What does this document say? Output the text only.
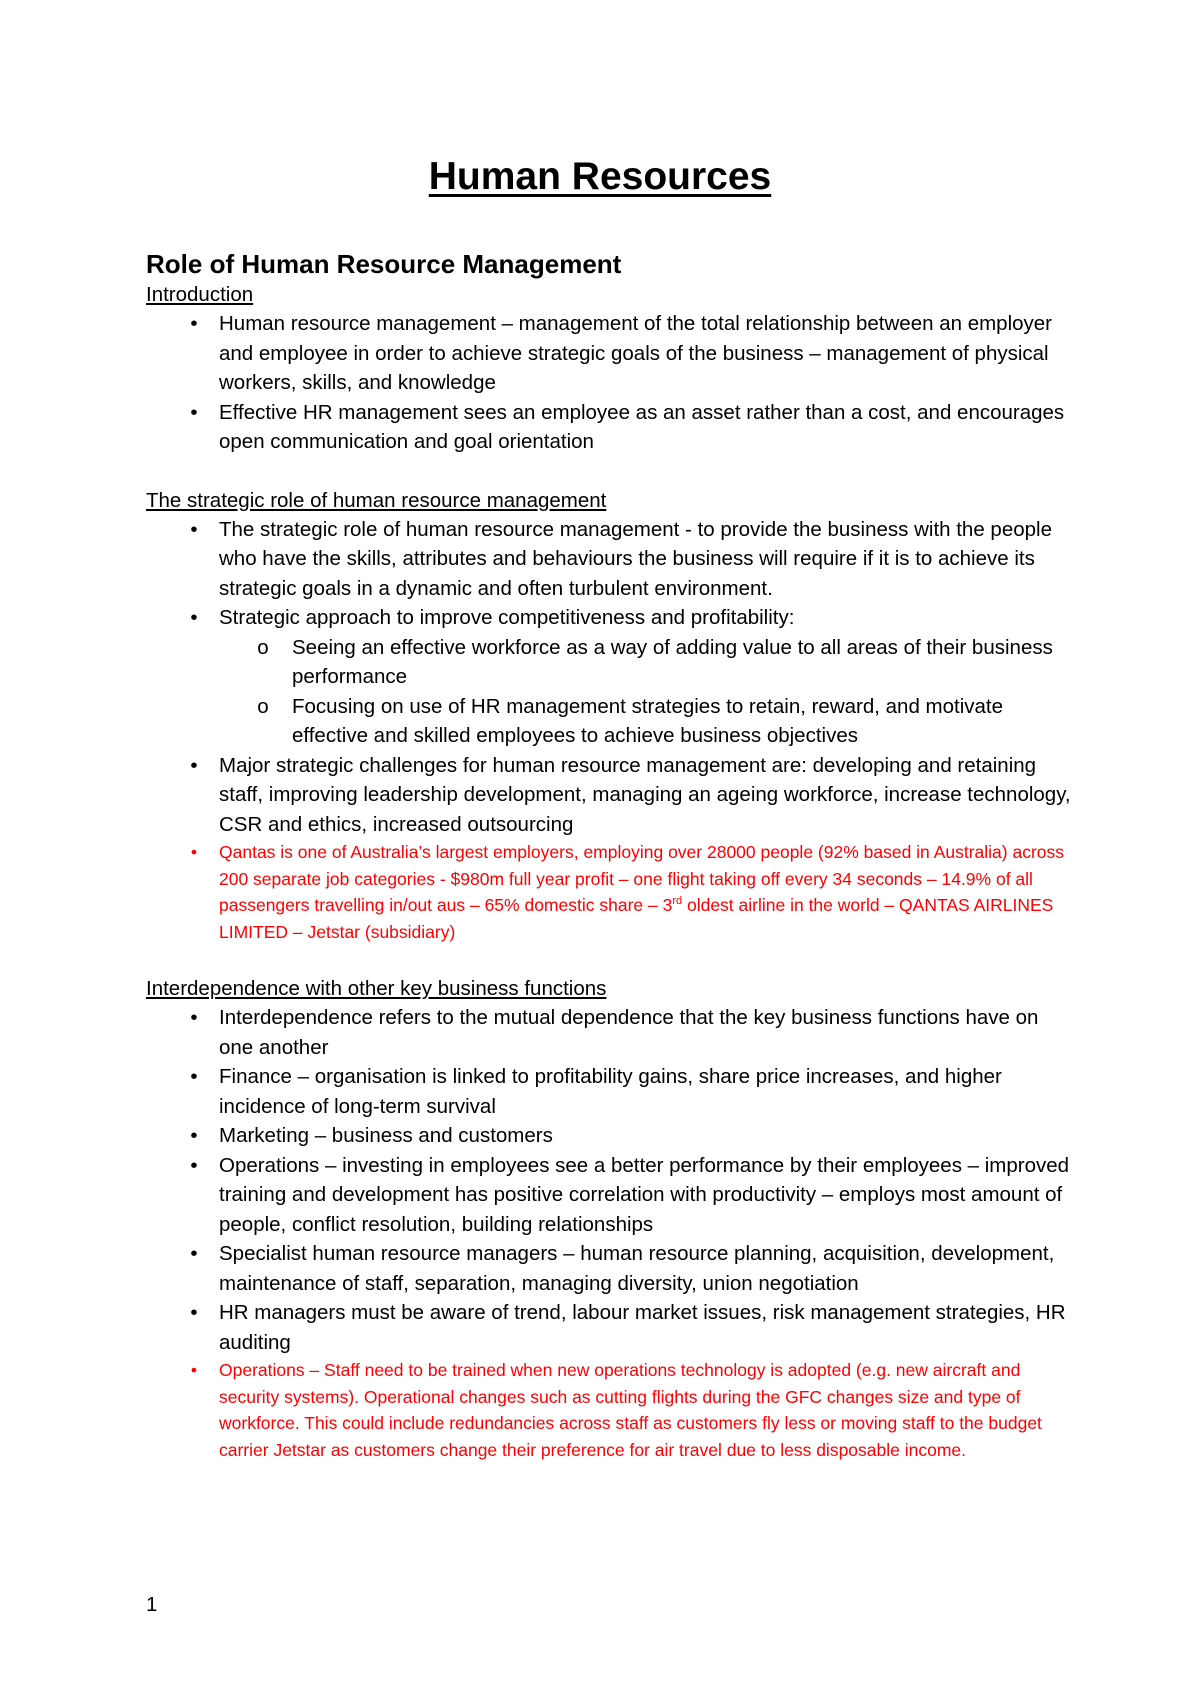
Human Resources
Role of Human Resource Management
Introduction
•	Human resource management – management of the total relationship between an employer and employee in order to achieve strategic goals of the business – management of physical workers, skills, and knowledge
•	Effective HR management sees an employee as an asset rather than a cost, and encourages open communication and goal orientation
The strategic role of human resource management
•	The strategic role of human resource management - to provide the business with the people who have the skills, attributes and behaviours the business will require if it is to achieve its strategic goals in a dynamic and often turbulent environment.
•	Strategic approach to improve competitiveness and profitability:
o Seeing an effective workforce as a way of adding value to all areas of their business performance
o Focusing on use of HR management strategies to retain, reward, and motivate effective and skilled employees to achieve business objectives
•	Major strategic challenges for human resource management are: developing and retaining staff, improving leadership development, managing an ageing workforce, increase technology, CSR and ethics, increased outsourcing
•	Qantas is one of Australia’s largest employers, employing over 28000 people (92% based in Australia) across 200 separate job categories - $980m full year profit – one flight taking off every 34 seconds – 14.9% of all passengers travelling in/out aus – 65% domestic share – 3rd oldest airline in the world – QANTAS AIRLINES LIMITED – Jetstar (subsidiary)
Interdependence with other key business functions
•	Interdependence refers to the mutual dependence that the key business functions have on one another
•	Finance – organisation is linked to profitability gains, share price increases, and higher incidence of long-term survival
•	Marketing – business and customers
•	Operations – investing in employees see a better performance by their employees – improved training and development has positive correlation with productivity – employs most amount of people, conflict resolution, building relationships
•	Specialist human resource managers – human resource planning, acquisition, development, maintenance of staff, separation, managing diversity, union negotiation
•	HR managers must be aware of trend, labour market issues, risk management strategies, HR auditing
•	Operations – Staff need to be trained when new operations technology is adopted (e.g. new aircraft and security systems). Operational changes such as cutting flights during the GFC changes size and type of workforce. This could include redundancies across staff as customers fly less or moving staff to the budget carrier Jetstar as customers change their preference for air travel due to less disposable income.
1
